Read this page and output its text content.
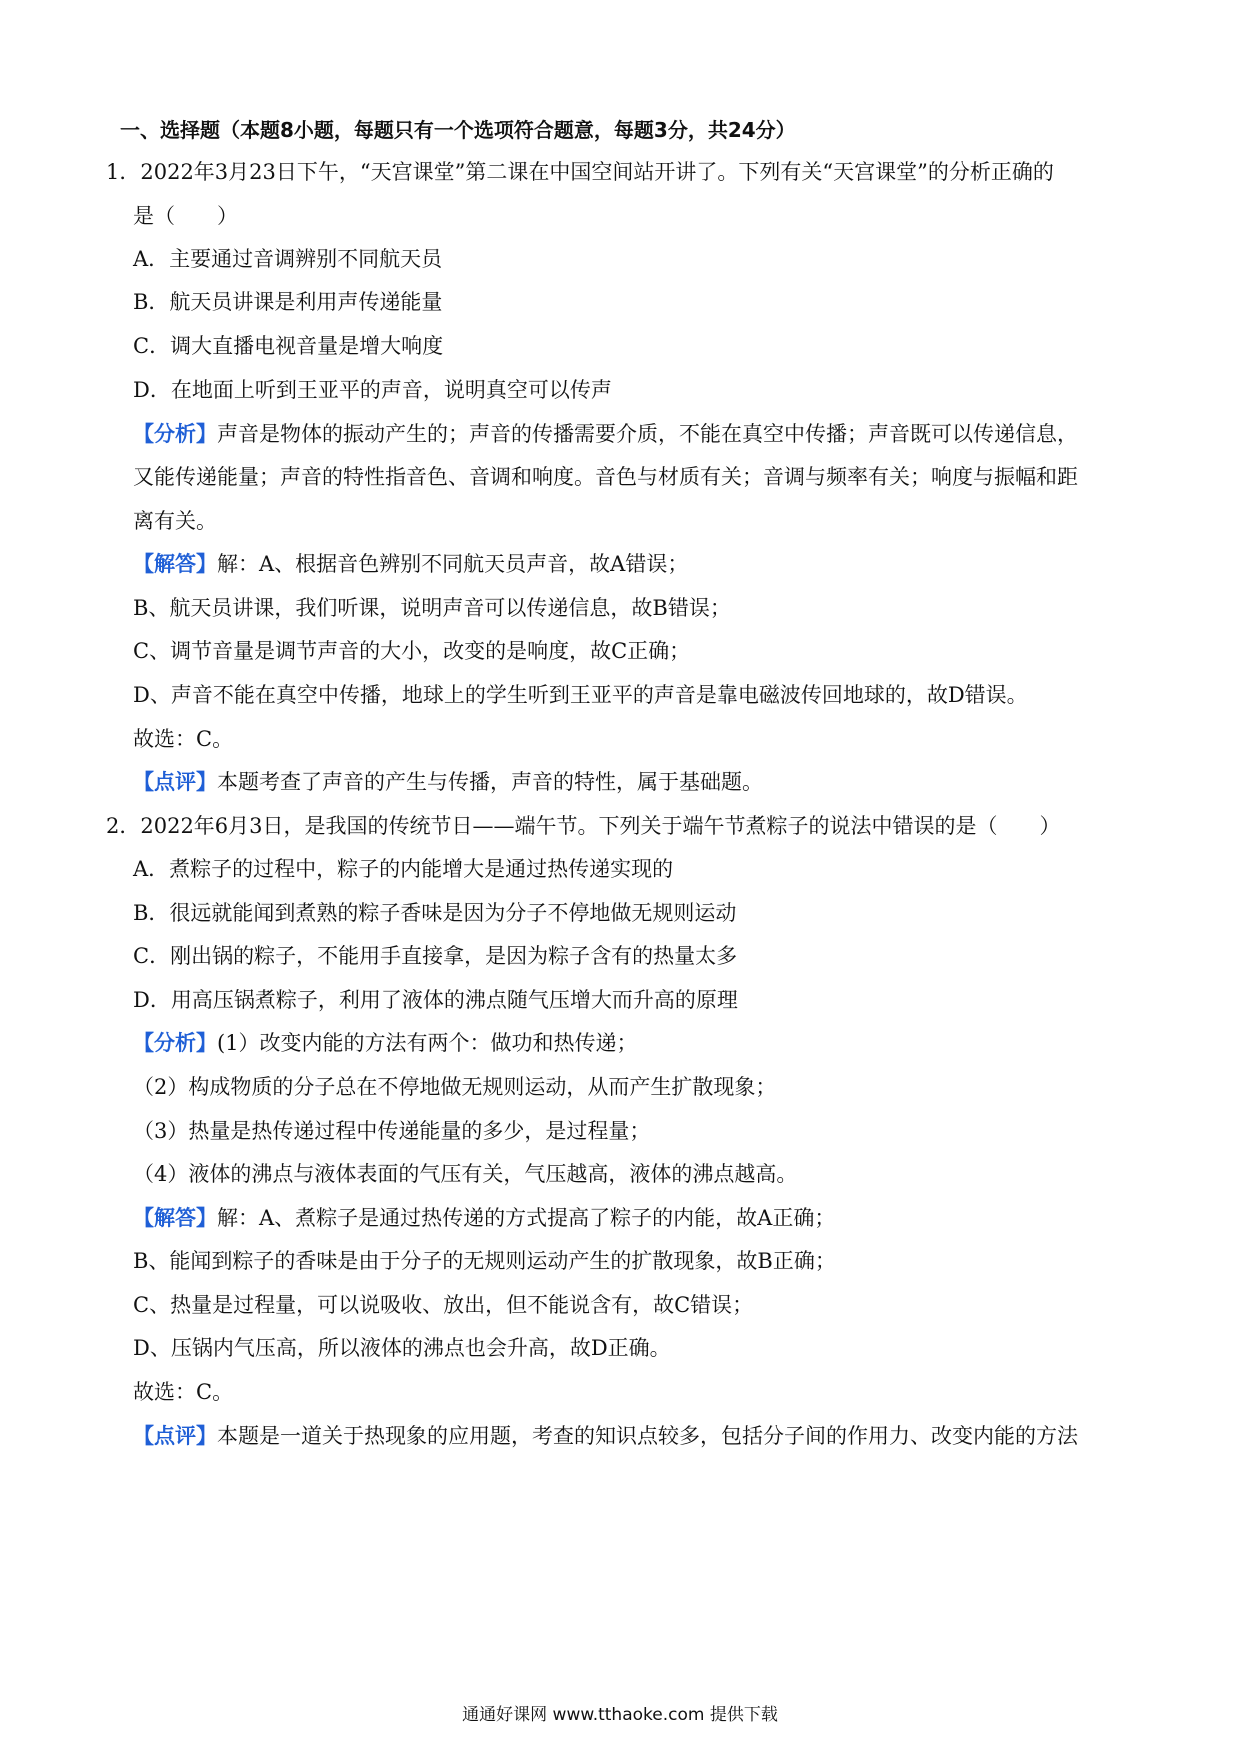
一、选择题（本题8小题，每题只有一个选项符合题意，每题3分，共24分）
1．2022年3月23日下午，“天宫课堂”第二课在中国空间站开讲了。下列有关“天宫课堂”的分析正确的
是（　　）
A．主要通过音调辨别不同航天员
B．航天员讲课是利用声传递能量
C．调大直播电视音量是增大响度
D．在地面上听到王亚平的声音，说明真空可以传声
【分析】声音是物体的振动产生的；声音的传播需要介质，不能在真空中传播；声音既可以传递信息，
又能传递能量；声音的特性指音色、音调和响度。音色与材质有关；音调与频率有关；响度与振幅和距
离有关。
【解答】解：A、根据音色辨别不同航天员声音，故A错误；
B、航天员讲课，我们听课，说明声音可以传递信息，故B错误；
C、调节音量是调节声音的大小，改变的是响度，故C正确；
D、声音不能在真空中传播，地球上的学生听到王亚平的声音是靠电磁波传回地球的，故D错误。
故选：C。
【点评】本题考查了声音的产生与传播，声音的特性，属于基础题。
2．2022年6月3日，是我国的传统节日——端午节。下列关于端午节煮粽子的说法中错误的是（　　）
A．煮粽子的过程中，粽子的内能增大是通过热传递实现的
B．很远就能闻到煮熟的粽子香味是因为分子不停地做无规则运动
C．刚出锅的粽子，不能用手直接拿，是因为粽子含有的热量太多
D．用高压锅煮粽子，利用了液体的沸点随气压增大而升高的原理
【分析】(1）改变内能的方法有两个：做功和热传递；
（2）构成物质的分子总在不停地做无规则运动，从而产生扩散现象；
（3）热量是热传递过程中传递能量的多少，是过程量；
（4）液体的沸点与液体表面的气压有关，气压越高，液体的沸点越高。
【解答】解：A、煮粽子是通过热传递的方式提高了粽子的内能，故A正确；
B、能闻到粽子的香味是由于分子的无规则运动产生的扩散现象，故B正确；
C、热量是过程量，可以说吸收、放出，但不能说含有，故C错误；
D、压锅内气压高，所以液体的沸点也会升高，故D正确。
故选：C。
【点评】本题是一道关于热现象的应用题，考查的知识点较多，包括分子间的作用力、改变内能的方法
通通好课网 www.tthaoke.com 提供下载
